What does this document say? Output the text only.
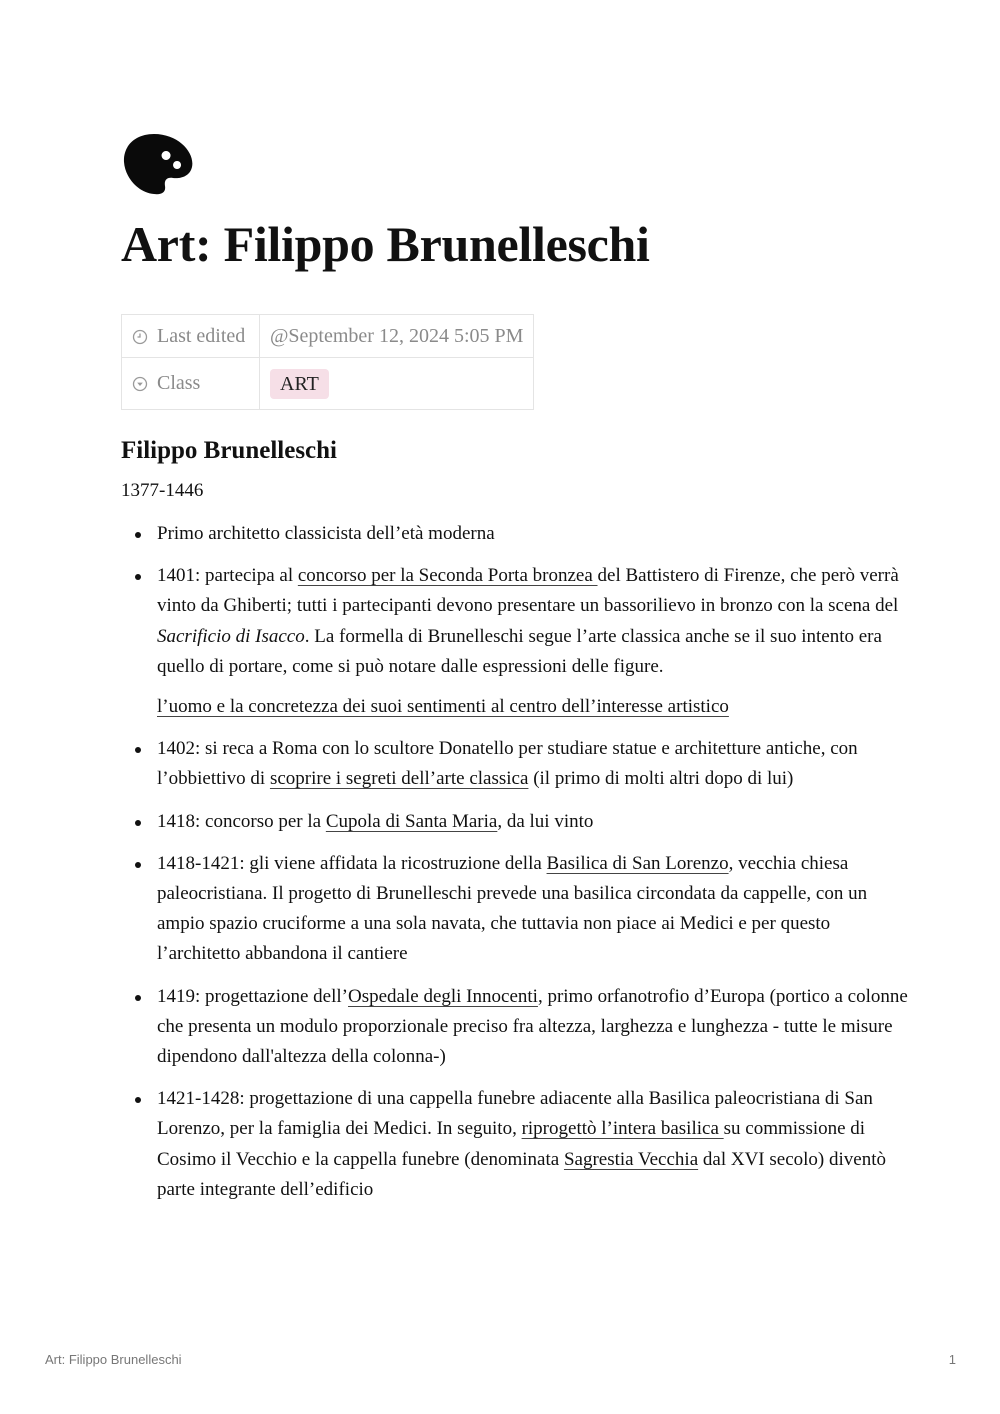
Art: Filippo Brunelleschi
Last edited	@September 12, 2024 5:05 PM
Class	ART
Filippo Brunelleschi

1377-1446

Primo architetto classicista dell’età moderna
1401: partecipa al concorso per la Seconda Porta bronzea del Battistero di Firenze, che però verrà vinto da Ghiberti; tutti i partecipanti devono presentare un bassorilievo in bronzo con la scena del Sacrificio di Isacco. La formella di Brunelleschi segue l’arte classica anche se il suo intento era quello di portare, come si può notare dalle espressioni delle figure.

l’uomo e la concretezza dei suoi sentimenti al centro dell’interesse artistico

1402: si reca a Roma con lo scultore Donatello per studiare statue e architetture antiche, con l’obbiettivo di scoprire i segreti dell’arte classica (il primo di molti altri dopo di lui)
1418: concorso per la Cupola di Santa Maria, da lui vinto
1418-1421: gli viene affidata la ricostruzione della Basilica di San Lorenzo, vecchia chiesa paleocristiana. Il progetto di Brunelleschi prevede una basilica circondata da cappelle, con un ampio spazio cruciforme a una sola navata, che tuttavia non piace ai Medici e per questo l’architetto abbandona il cantiere
1419: progettazione dell’Ospedale degli Innocenti, primo orfanotrofio d’Europa (portico a colonne che presenta un modulo proporzionale preciso fra altezza, larghezza e lunghezza - tutte le misure dipendono dall'altezza della colonna-)
1421-1428: progettazione di una cappella funebre adiacente alla Basilica paleocristiana di San Lorenzo, per la famiglia dei Medici. In seguito, riprogettò l’intera basilica su commissione di Cosimo il Vecchio e la cappella funebre (denominata Sagrestia Vecchia dal XVI secolo) diventò parte integrante dell’edificio
Art: Filippo Brunelleschi	1
